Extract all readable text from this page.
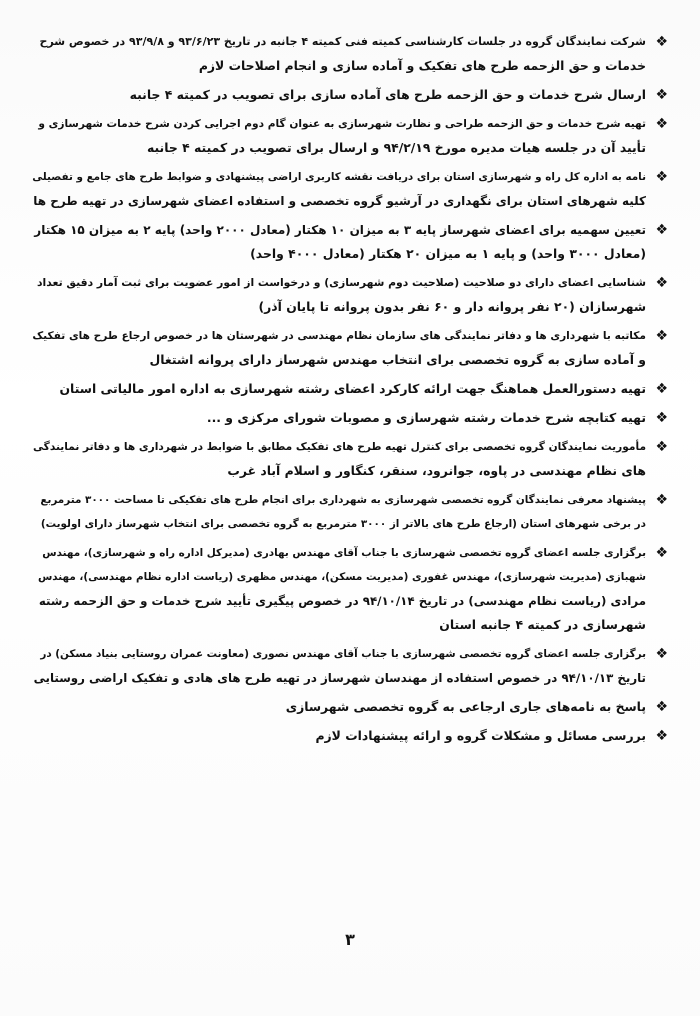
❖
شرکت نمایندگان گروه در جلسات کارشناسی کمیته فنی کمیته ۴ جانبه در تاریخ ۹۳/۶/۲۳ و ۹۳/۹/۸ در خصوص شرح
خدمات و حق الزحمه طرح های تفکیک و آماده سازی و انجام اصلاحات لازم
❖
ارسال شرح خدمات و حق الزحمه طرح های آماده سازی برای تصویب در کمیته ۴ جانبه
❖
تهیه شرح خدمات و حق الزحمه طراحی و نظارت شهرسازی به عنوان گام دوم اجرایی کردن شرح خدمات شهرسازی و
تأیید آن در جلسه هیات مدیره مورخ ۹۴/۲/۱۹ و ارسال برای تصویب در کمیته ۴ جانبه
❖
نامه به اداره کل راه و شهرسازی استان برای دریافت نقشه کاربری اراضی پیشنهادی و ضوابط طرح های جامع و تفصیلی
کلیه شهرهای استان برای نگهداری در آرشیو گروه تخصصی و استفاده اعضای شهرسازی در تهیه طرح ها
❖
تعیین سهمیه برای اعضای شهرساز پایه ۳ به میزان ۱۰ هکتار (معادل ۲۰۰۰ واحد) پایه ۲ به میزان ۱۵ هکتار
(معادل ۳۰۰۰ واحد) و پایه ۱ به میزان ۲۰ هکتار (معادل ۴۰۰۰ واحد)
❖
شناسایی اعضای دارای دو صلاحیت (صلاحیت دوم شهرسازی) و درخواست از امور عضویت برای ثبت آمار دقیق تعداد
شهرسازان (۲۰ نفر پروانه دار و ۶۰ نفر بدون پروانه تا پایان آذر)
❖
مکاتبه با شهرداری ها و دفاتر نمایندگی های سازمان نظام مهندسی در شهرستان ها در خصوص ارجاع طرح های تفکیک
و آماده سازی به گروه تخصصی برای انتخاب مهندس شهرساز دارای پروانه اشتغال
❖
تهیه دستورالعمل هماهنگ جهت ارائه کارکرد اعضای رشته شهرسازی به اداره امور مالیاتی استان
❖
تهیه کتابچه شرح خدمات رشته شهرسازی و مصوبات شورای مرکزی و ...
❖
مأموریت نمایندگان گروه تخصصی برای کنترل تهیه طرح های تفکیک مطابق با ضوابط در شهرداری ها و دفاتر نمایندگی
های نظام مهندسی در پاوه، جوانرود، سنقر، کنگاور و اسلام آباد غرب
❖
پیشنهاد معرفی نمایندگان گروه تخصصی شهرسازی به شهرداری برای انجام طرح های تفکیکی تا مساحت ۳۰۰۰ مترمربع
در برخی شهرهای استان (ارجاع طرح های بالاتر از ۳۰۰۰ مترمربع به گروه تخصصی برای انتخاب شهرساز دارای اولویت)
❖
برگزاری جلسه اعضای گروه تخصصی شهرسازی با جناب آقای مهندس بهادری (مدیرکل اداره راه و شهرسازی)، مهندس
شهبازی (مدیریت شهرسازی)، مهندس غفوری (مدیریت مسکن)، مهندس مظهری (ریاست اداره نظام مهندسی)، مهندس
مرادی (ریاست نظام مهندسی) در تاریخ ۹۴/۱۰/۱۴ در خصوص پیگیری تأیید شرح خدمات و حق الزحمه رشته
شهرسازی در کمیته ۴ جانبه استان
❖
برگزاری جلسه اعضای گروه تخصصی شهرسازی با جناب آقای مهندس نصوری (معاونت عمران روستایی بنیاد مسکن) در
تاریخ ۹۴/۱۰/۱۳ در خصوص استفاده از مهندسان شهرساز در تهیه طرح های هادی و تفکیک اراضی روستایی
❖
پاسخ به نامه‌های جاری ارجاعی به گروه تخصصی شهرسازی
❖
بررسی مسائل و مشکلات گروه و ارائه پیشنهادات لازم
۳
